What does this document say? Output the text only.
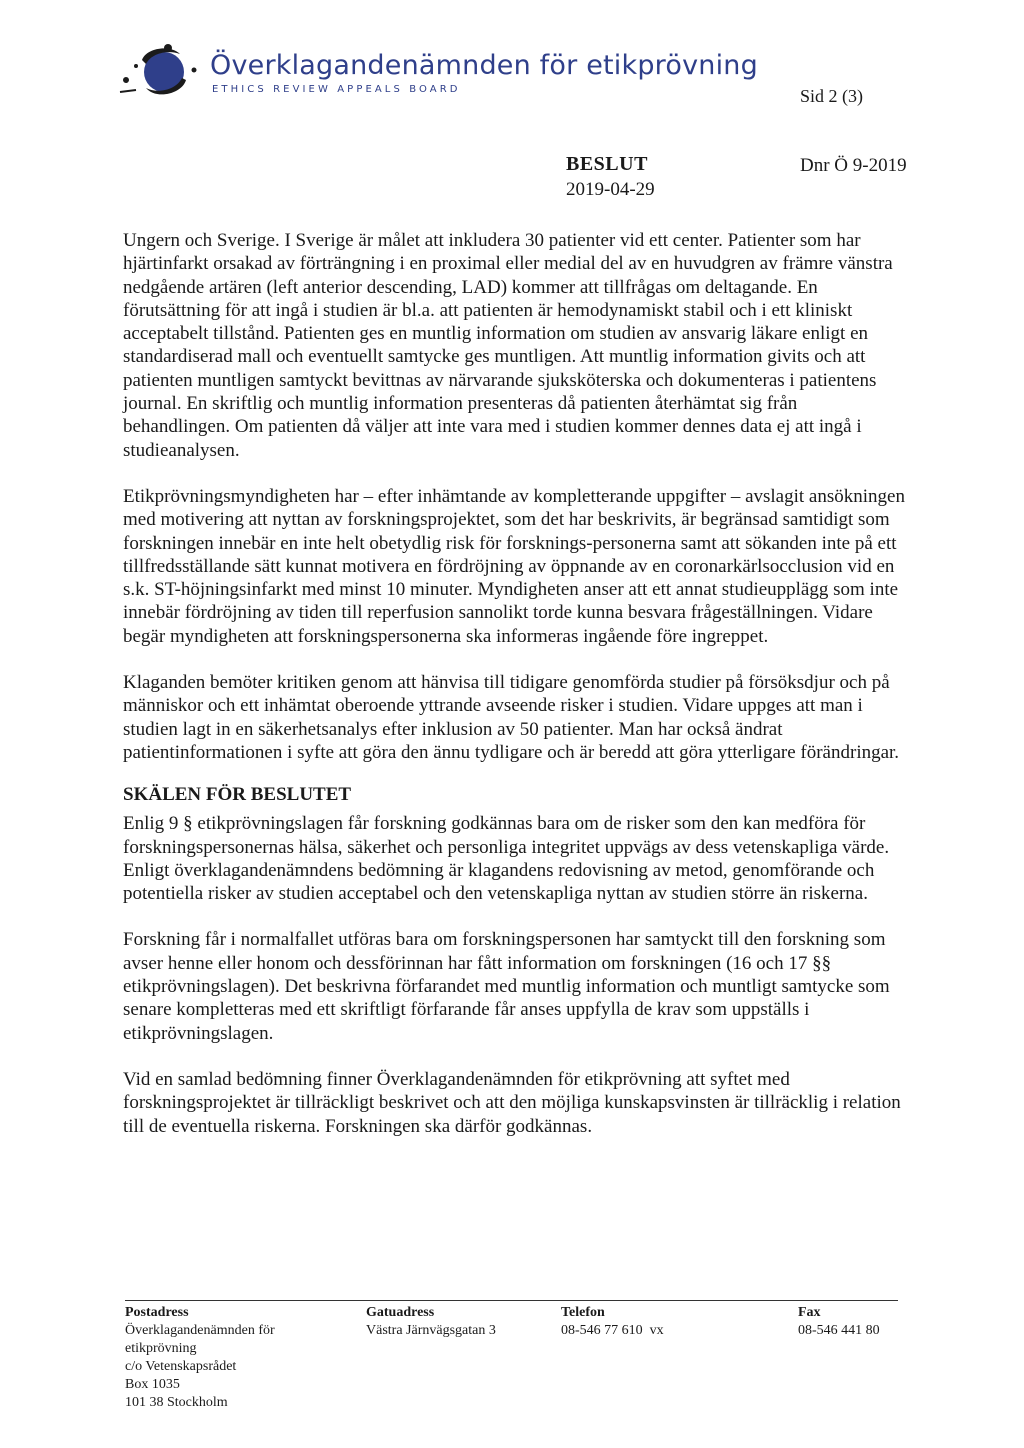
Överklagandenämnden för etikprövning
ETHICS REVIEW APPEALS BOARD	Sid 2 (3)
BESLUT
2019-04-29
Dnr Ö 9-2019

Ungern och Sverige. I Sverige är målet att inkludera 30 patienter vid ett center. Patienter som har hjärtinfarkt orsakad av förträngning i en proximal eller medial del av en huvudgren av främre vänstra nedgående artären (left anterior descending, LAD) kommer att tillfrågas om deltagande. En förutsättning för att ingå i studien är bl.a. att patienten är hemodynamiskt stabil och i ett kliniskt acceptabelt tillstånd. Patienten ges en muntlig information om studien av ansvarig läkare enligt en standardiserad mall och eventuellt samtycke ges muntligen. Att muntlig information givits och att patienten muntligen samtyckt bevittnas av närvarande sjuksköterska och dokumenteras i patientens journal. En skriftlig och muntlig information presenteras då patienten återhämtat sig från behandlingen. Om patienten då väljer att inte vara med i studien kommer dennes data ej att ingå i studieanalysen.

Etikprövningsmyndigheten har – efter inhämtande av kompletterande uppgifter – avslagit ansökningen med motivering att nyttan av forskningsprojektet, som det har beskrivits, är begränsad samtidigt som forskningen innebär en inte helt obetydlig risk för forsknings-personerna samt att sökanden inte på ett tillfredsställande sätt kunnat motivera en fördröjning av öppnande av en coronarkärlsocclusion vid en s.k. ST-höjningsinfarkt med minst 10 minuter. Myndigheten anser att ett annat studieupplägg som inte innebär fördröjning av tiden till reperfusion sannolikt torde kunna besvara frågeställningen. Vidare begär myndigheten att forskningspersonerna ska informeras ingående före ingreppet.

Klaganden bemöter kritiken genom att hänvisa till tidigare genomförda studier på försöksdjur och på människor och ett inhämtat oberoende yttrande avseende risker i studien. Vidare uppges att man i studien lagt in en säkerhetsanalys efter inklusion av 50 patienter. Man har också ändrat patientinformationen i syfte att göra den ännu tydligare och är beredd att göra ytterligare förändringar.

SKÄLEN FÖR BESLUTET

Enlig 9 § etikprövningslagen får forskning godkännas bara om de risker som den kan medföra för forskningspersonernas hälsa, säkerhet och personliga integritet uppvägs av dess vetenskapliga värde. Enligt överklagandenämndens bedömning är klagandens redovisning av metod, genomförande och potentiella risker av studien acceptabel och den vetenskapliga nyttan av studien större än riskerna.

Forskning får i normalfallet utföras bara om forskningspersonen har samtyckt till den forskning som avser henne eller honom och dessförinnan har fått information om forskningen (16 och 17 §§ etikprövningslagen). Det beskrivna förfarandet med muntlig information och muntligt samtycke som senare kompletteras med ett skriftligt förfarande får anses uppfylla de krav som uppställs i etikprövningslagen.

Vid en samlad bedömning finner Överklagandenämnden för etikprövning att syftet med forskningsprojektet är tillräckligt beskrivet och att den möjliga kunskapsvinsten är tillräcklig i relation till de eventuella riskerna. Forskningen ska därför godkännas.

Postadress
Överklagandenämnden för
etikprövning
c/o Vetenskapsrådet
Box 1035
101 38 Stockholm
Gatuadress
Västra Järnvägsgatan 3
Telefon
08-546 77 610  vx
Fax
08-546 441 80
